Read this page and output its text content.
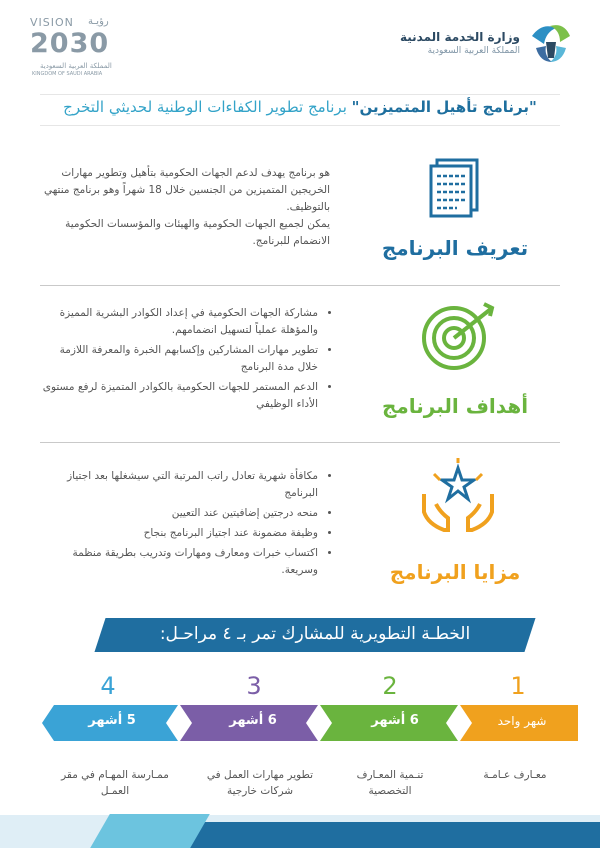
VISION رؤيـة
2030
المملكة العربية السعودية
KINGDOM OF SAUDI ARABIA
وزارة الخدمة المدنية
المملكة العربية السعودية
"برنامج تأهيل المتميزين" برنامج تطوير الكفاءات الوطنية لحديثي التخرج

هو برنامج يهدف لدعم الجهات الحكومية بتأهيل وتطوير مهارات الخريجين المتميزين من الجنسين خلال 18 شهراً وهو برنامج منتهي بالتوظيف.

يمكن لجميع الجهات الحكومية والهيئات والمؤسسات الحكومية الانضمام للبرنامج.	تعريف البرنامج
• مشاركة الجهات الحكومية في إعداد الكوادر البشرية المميزة والمؤهلة عملياً لتسهيل انضمامهم.
• تطوير مهارات المشاركين وإكسابهم الخبرة والمعرفة اللازمة خلال مدة البرنامج
• الدعم المستمر للجهات الحكومية بالكوادر المتميزة لرفع مستوى الأداء الوظيفي	أهداف البرنامج
• مكافأة شهرية تعادل راتب المرتبة التي سيشغلها بعد اجتياز البرنامج
• منحه درجتين إضافيتين عند التعيين
• وظيفة مضمونة عند اجتياز البرنامج بنجاح
• اكتساب خبرات ومعارف ومهارات وتدريب بطريقة منظمة وسريعة.	مزايا البرنامج
الخطـة التطويرية للمشارك تمر بـ ٤ مراحـل:
1
2
3
4
شهر واحد
6 أشهر
6 أشهر
5 أشهر
معـارف عـامـة
تنـمية المعـارف التخصصية
تطوير مهارات العمل في شركات خارجية
ممـارسة المهـام في مقر العمـل
